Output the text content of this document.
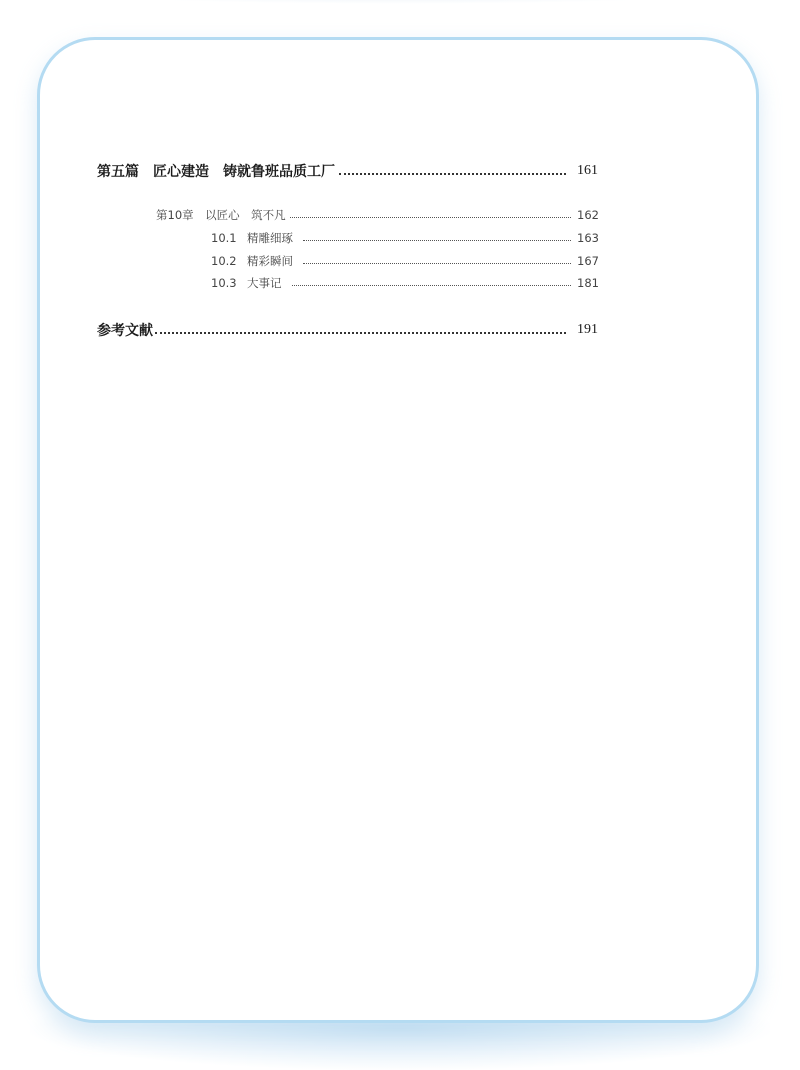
第五篇　匠心建造　铸就鲁班品质工厂	161
第10章　以匠心　筑不凡	162
10.1 精雕细琢	163
10.2 精彩瞬间	167
10.3 大事记	181
参考文献	191
